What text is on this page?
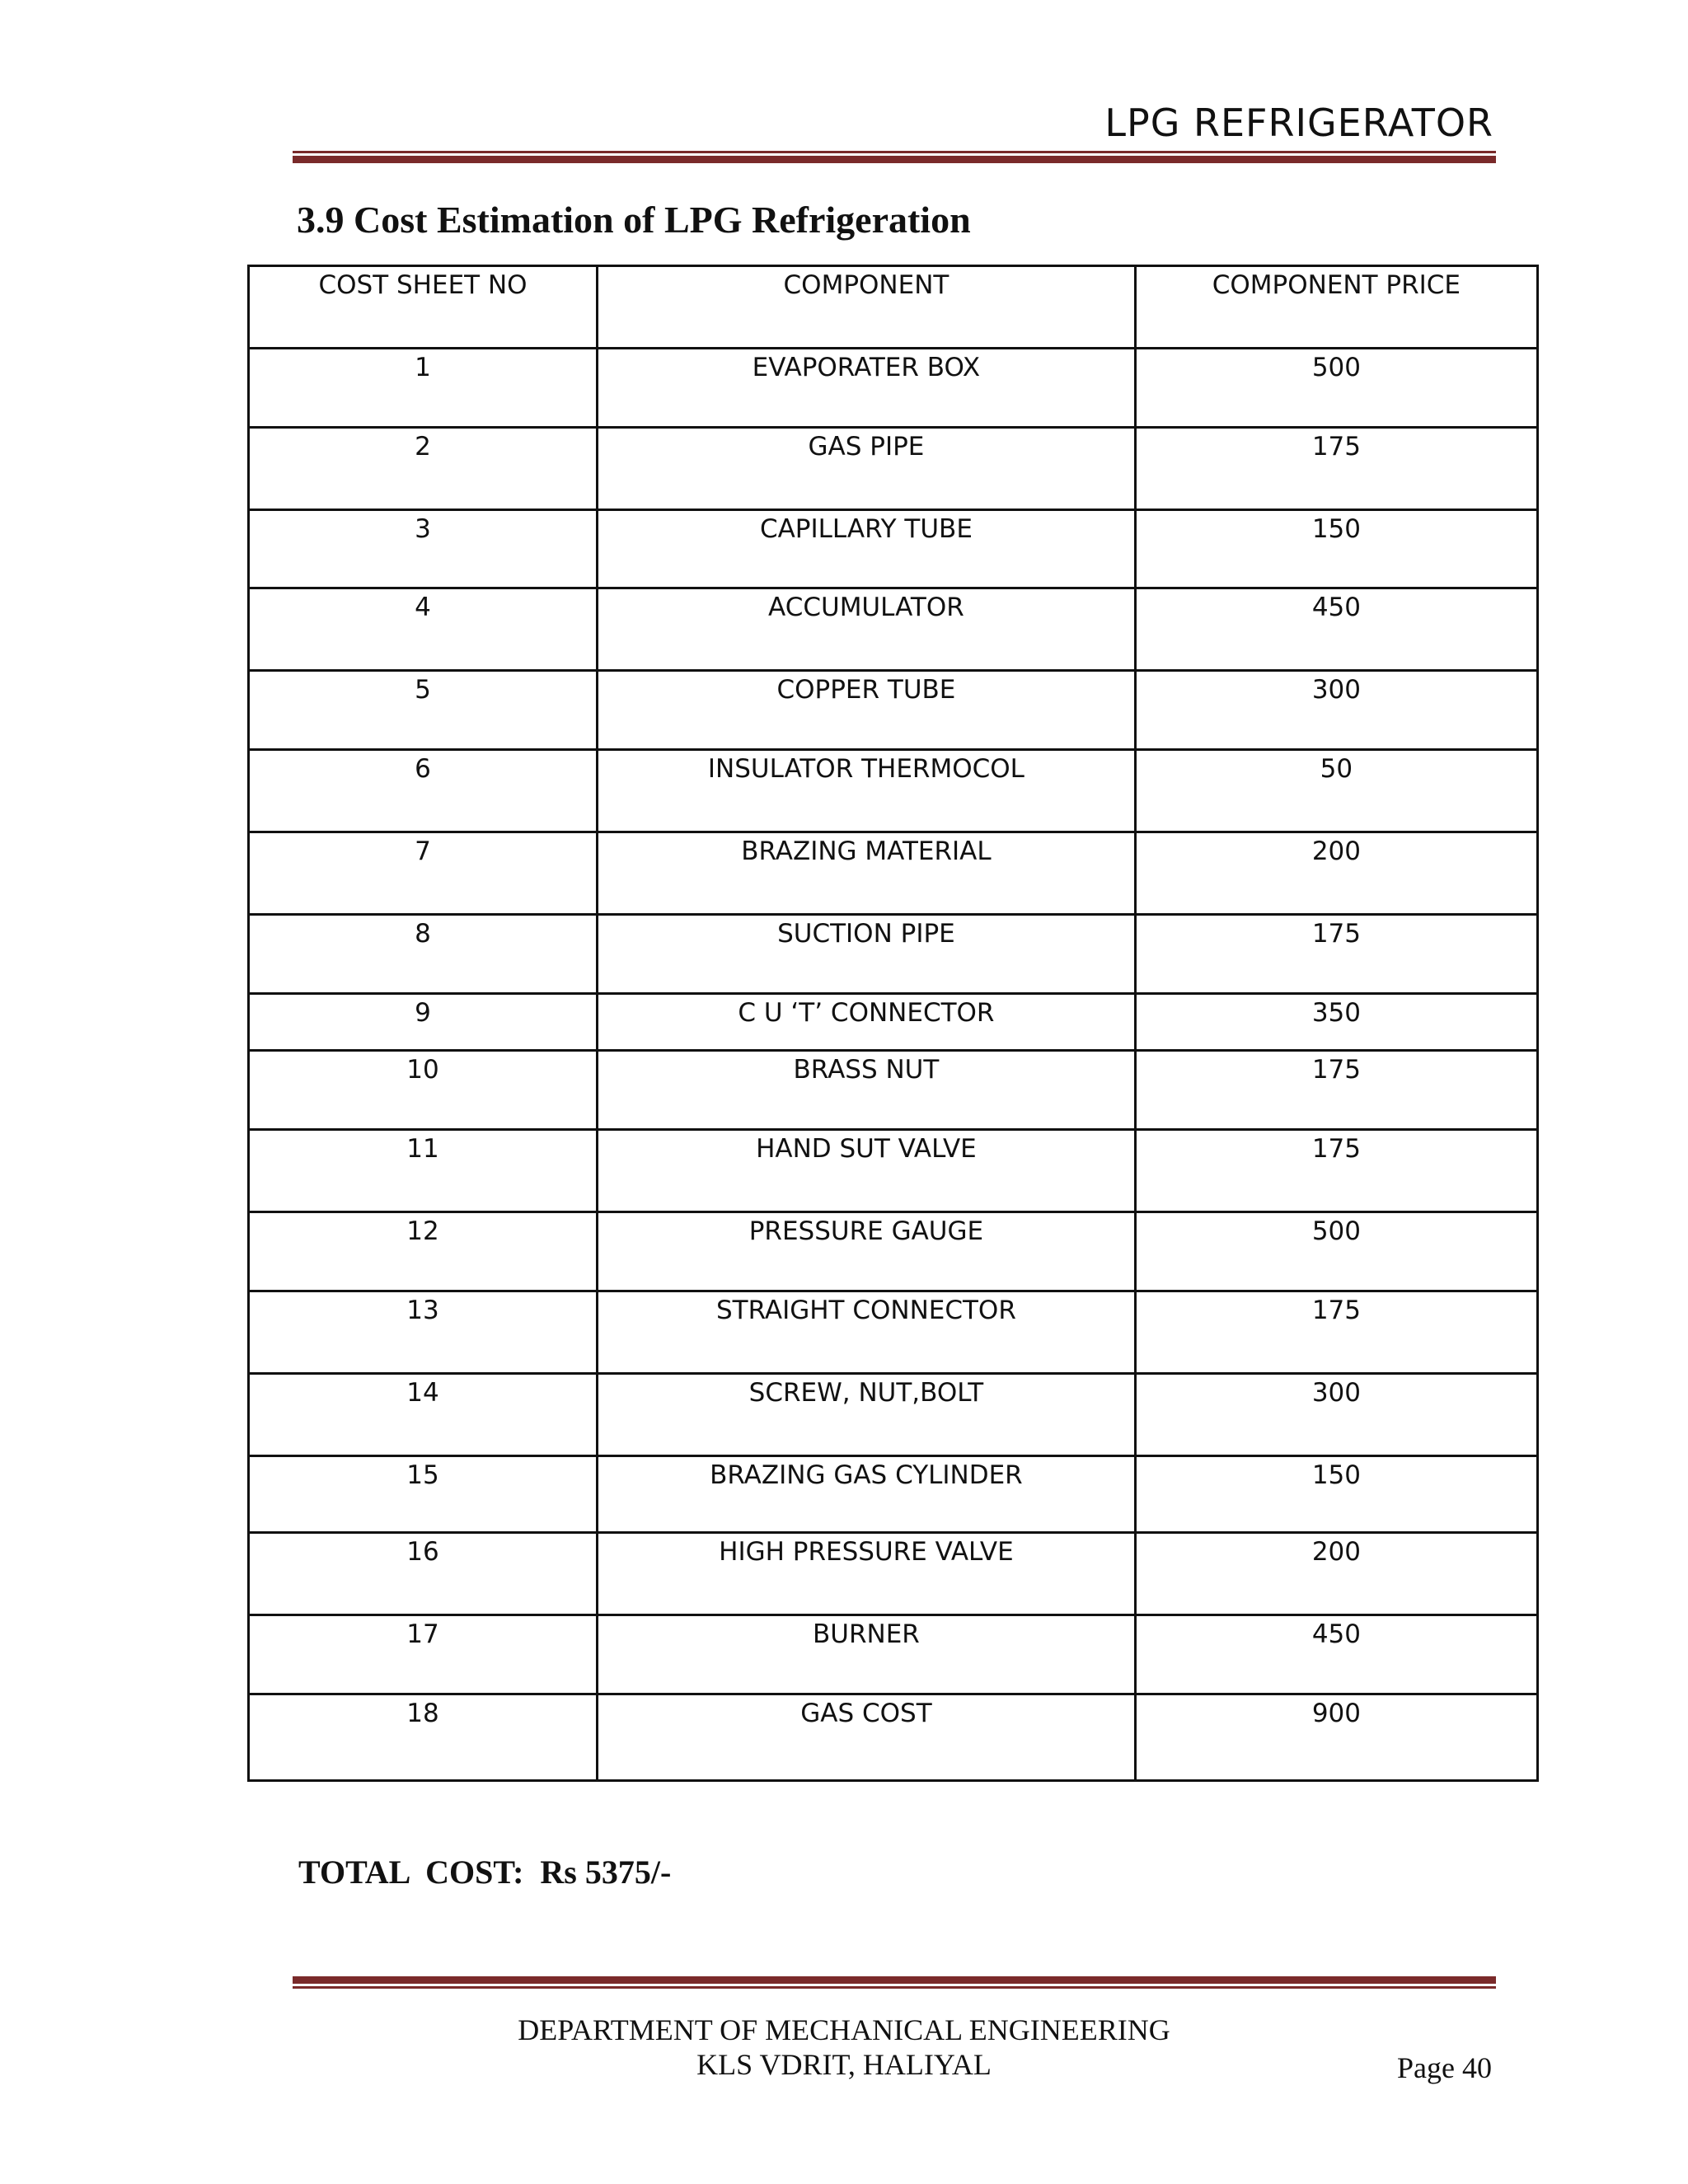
LPG REFRIGERATOR
3.9 Cost Estimation of LPG Refrigeration
COST SHEET NO	COMPONENT	COMPONENT PRICE
1	EVAPORATER BOX	500
2	GAS PIPE	175
3	CAPILLARY TUBE	150
4	ACCUMULATOR	450
5	COPPER TUBE	300
6	INSULATOR THERMOCOL	50
7	BRAZING MATERIAL	200
8	SUCTION PIPE	175
9	C U ‘T’ CONNECTOR	350
10	BRASS NUT	175
11	HAND SUT VALVE	175
12	PRESSURE GAUGE	500
13	STRAIGHT CONNECTOR	175
14	SCREW, NUT,BOLT	300
15	BRAZING GAS CYLINDER	150
16	HIGH PRESSURE VALVE	200
17	BURNER	450
18	GAS COST	900
TOTAL  COST:  Rs 5375/-
DEPARTMENT OF MECHANICAL ENGINEERING
KLS VDRIT, HALIYAL	Page 40
